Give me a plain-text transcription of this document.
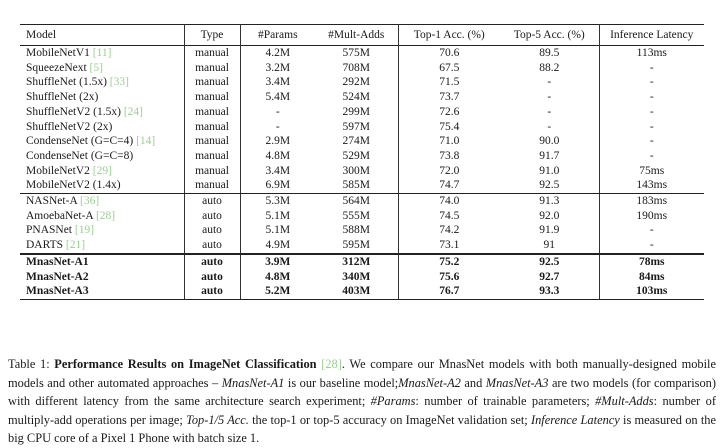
Model	Type	#Params	#Mult-Adds	Top-1 Acc. (%)	Top-5 Acc. (%)	Inference Latency
MobileNetV1 [11]	manual	4.2M	575M	70.6	89.5	113ms
SqueezeNext [5]	manual	3.2M	708M	67.5	88.2	-
ShuffleNet (1.5x) [33]	manual	3.4M	292M	71.5	-	-
ShuffleNet (2x)	manual	5.4M	524M	73.7	-	-
ShuffleNetV2 (1.5x) [24]	manual	-	299M	72.6	-	-
ShuffleNetV2 (2x)	manual	-	597M	75.4	-	-
CondenseNet (G=C=4) [14]	manual	2.9M	274M	71.0	90.0	-
CondenseNet (G=C=8)	manual	4.8M	529M	73.8	91.7	-
MobileNetV2 [29]	manual	3.4M	300M	72.0	91.0	75ms
MobileNetV2 (1.4x)	manual	6.9M	585M	74.7	92.5	143ms
NASNet-A [36]	auto	5.3M	564M	74.0	91.3	183ms
AmoebaNet-A [28]	auto	5.1M	555M	74.5	92.0	190ms
PNASNet [19]	auto	5.1M	588M	74.2	91.9	-
DARTS [21]	auto	4.9M	595M	73.1	91	-
MnasNet-A1	auto	3.9M	312M	75.2	92.5	78ms
MnasNet-A2	auto	4.8M	340M	75.6	92.7	84ms
MnasNet-A3	auto	5.2M	403M	76.7	93.3	103ms
Table 1: Performance Results on ImageNet Classification [28]. We compare our MnasNet models with both manually-designed mobile models and other automated approaches – MnasNet-A1 is our baseline model;MnasNet-A2 and MnasNet-A3 are two models (for comparison) with different latency from the same architecture search experiment; #Params: number of trainable parameters; #Mult-Adds: number of multiply-add operations per image; Top-1/5 Acc. the top-1 or top-5 accuracy on ImageNet validation set; Inference Latency is measured on the big CPU core of a Pixel 1 Phone with batch size 1.
